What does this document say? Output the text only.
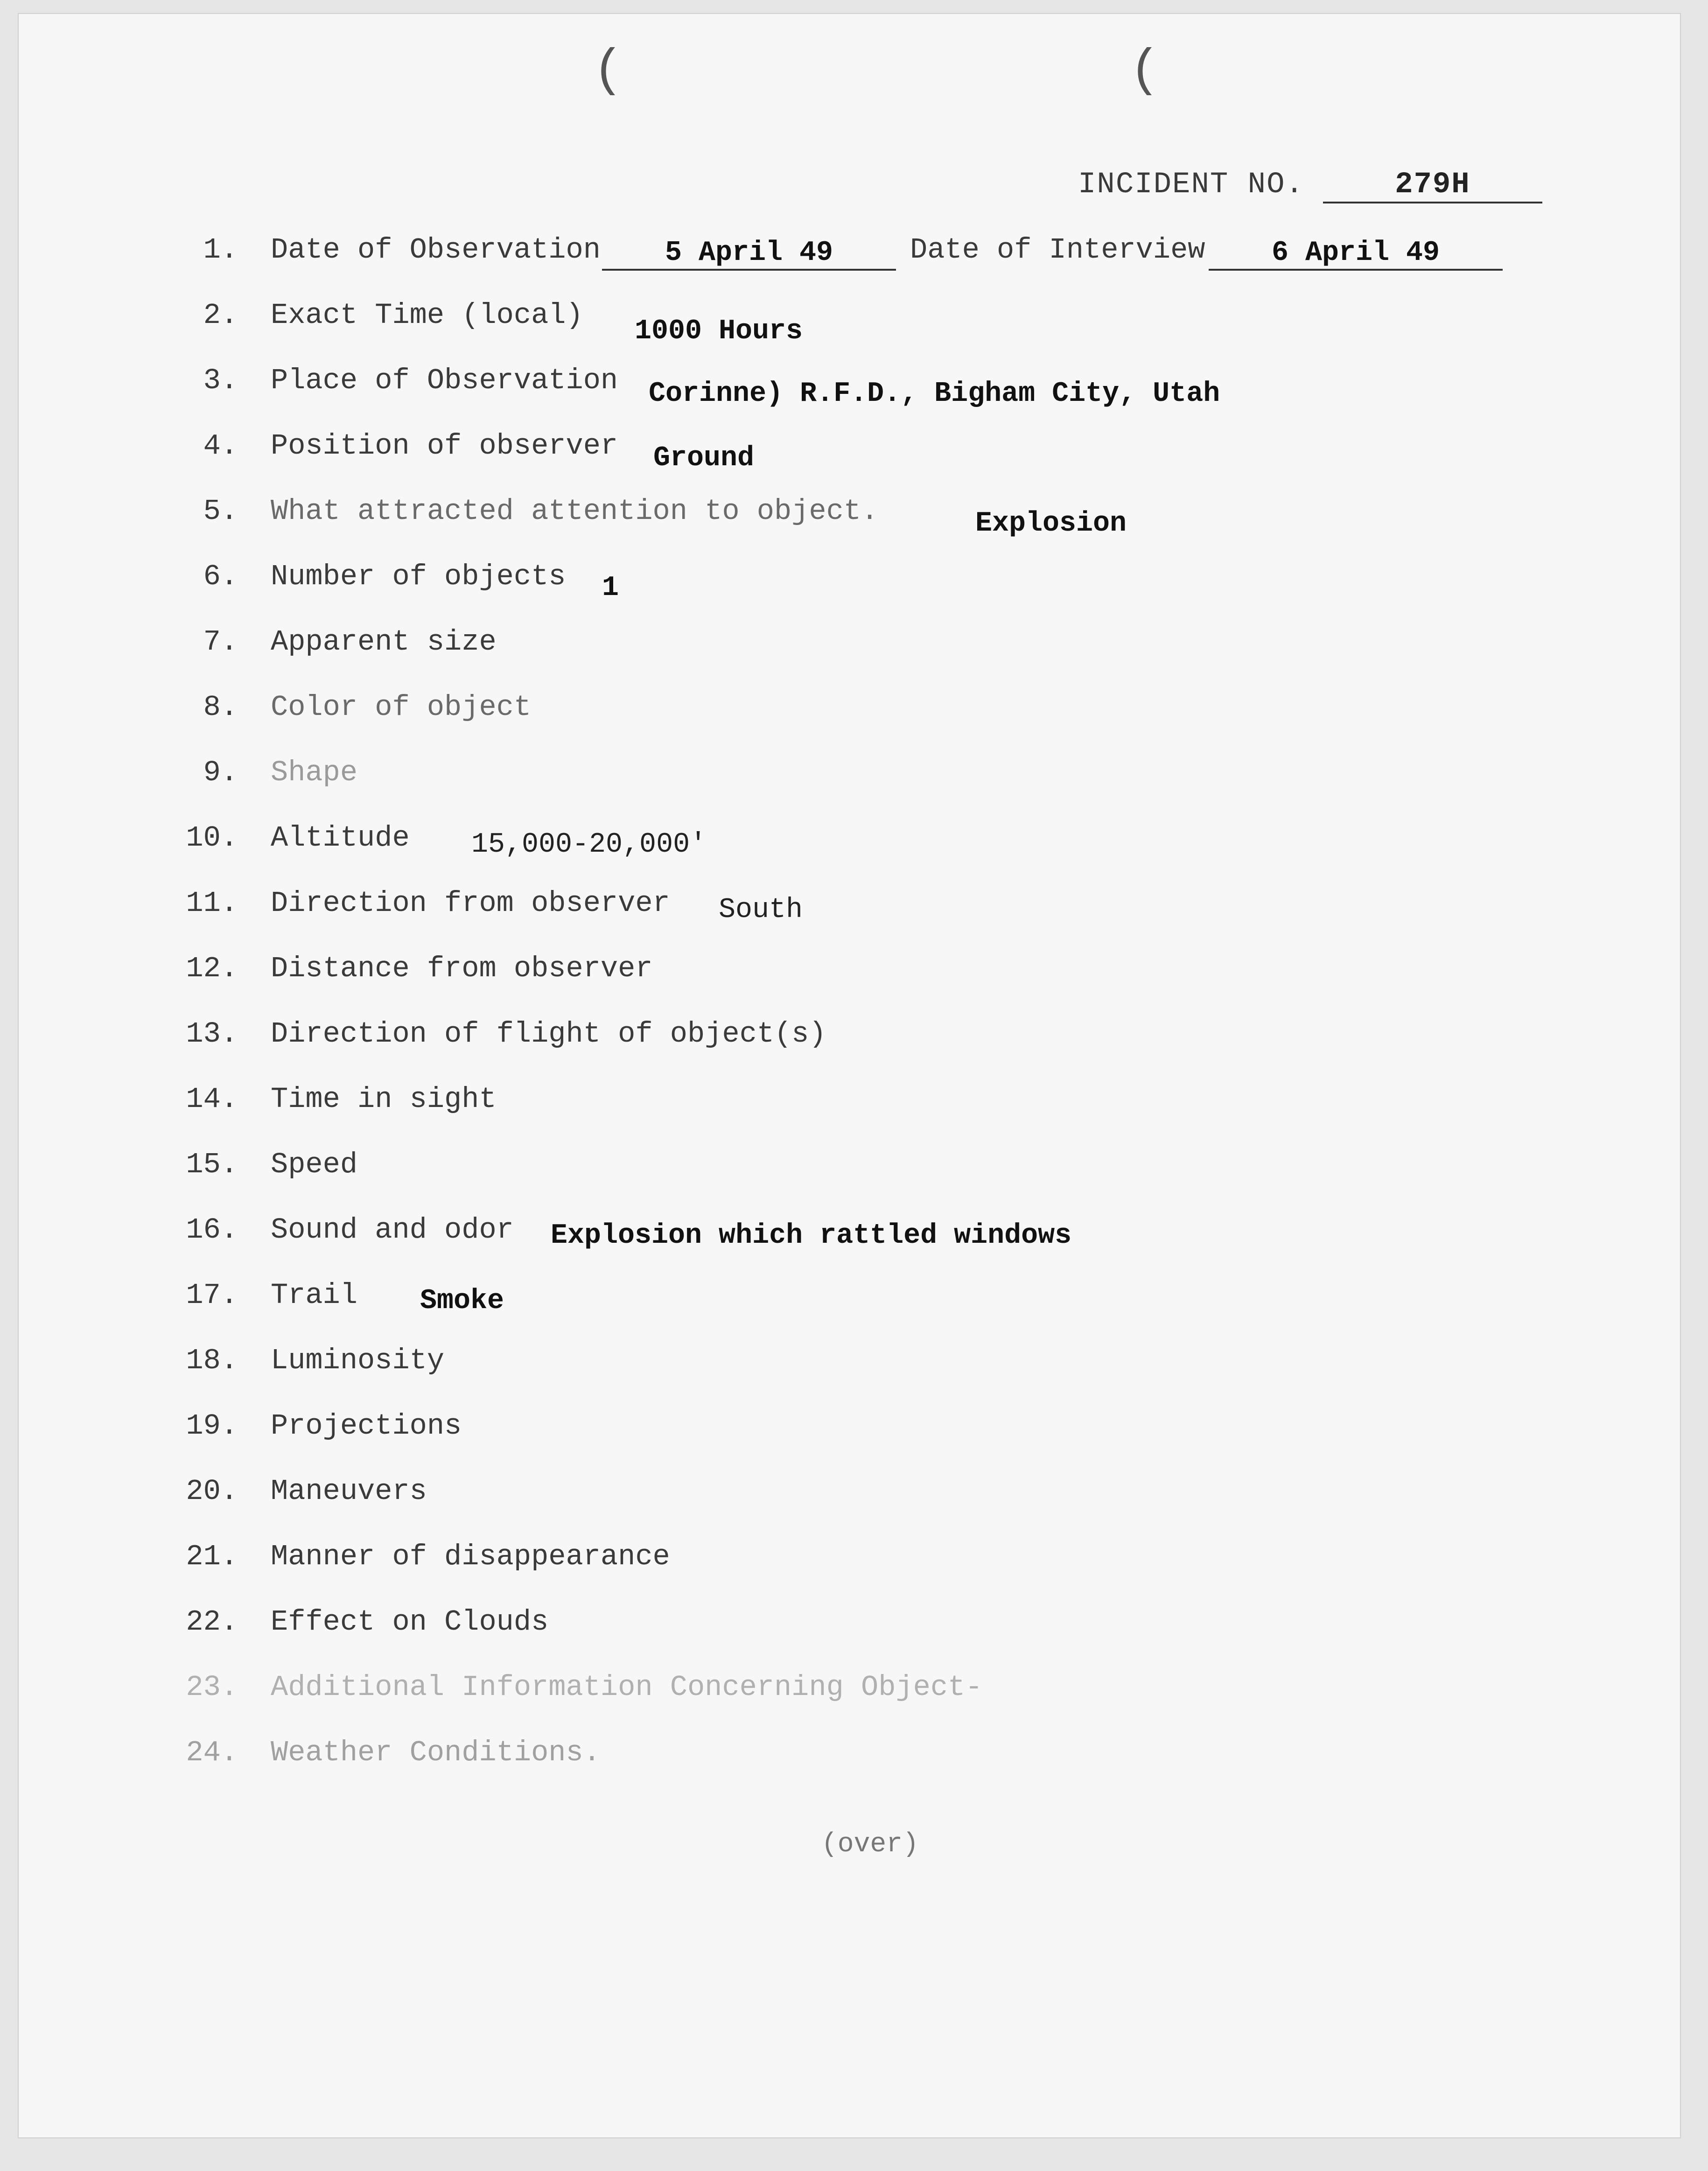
(	(
INCIDENT NO.	279H
1. Date of Observation	5 April 49	Date of Interview	6 April 49
2. Exact Time (local) 1000 Hours
3. Place of Observation Corinne) R.F.D., Bigham City, Utah
4. Position of observer Ground
5. What attracted attention to object.	Explosion
6. Number of objects 1
7. Apparent size
8. Color of object
9. Shape
10. Altitude 15,000-20,000'
11. Direction from observer South
12. Distance from observer
13. Direction of flight of object(s)
14. Time in sight
15. Speed
16. Sound and odor Explosion which rattled windows
17. Trail Smoke
18. Luminosity
19. Projections
20. Maneuvers
21. Manner of disappearance
22. Effect on Clouds
23. Additional Information Concerning Object-
24. Weather Conditions.
(over)
